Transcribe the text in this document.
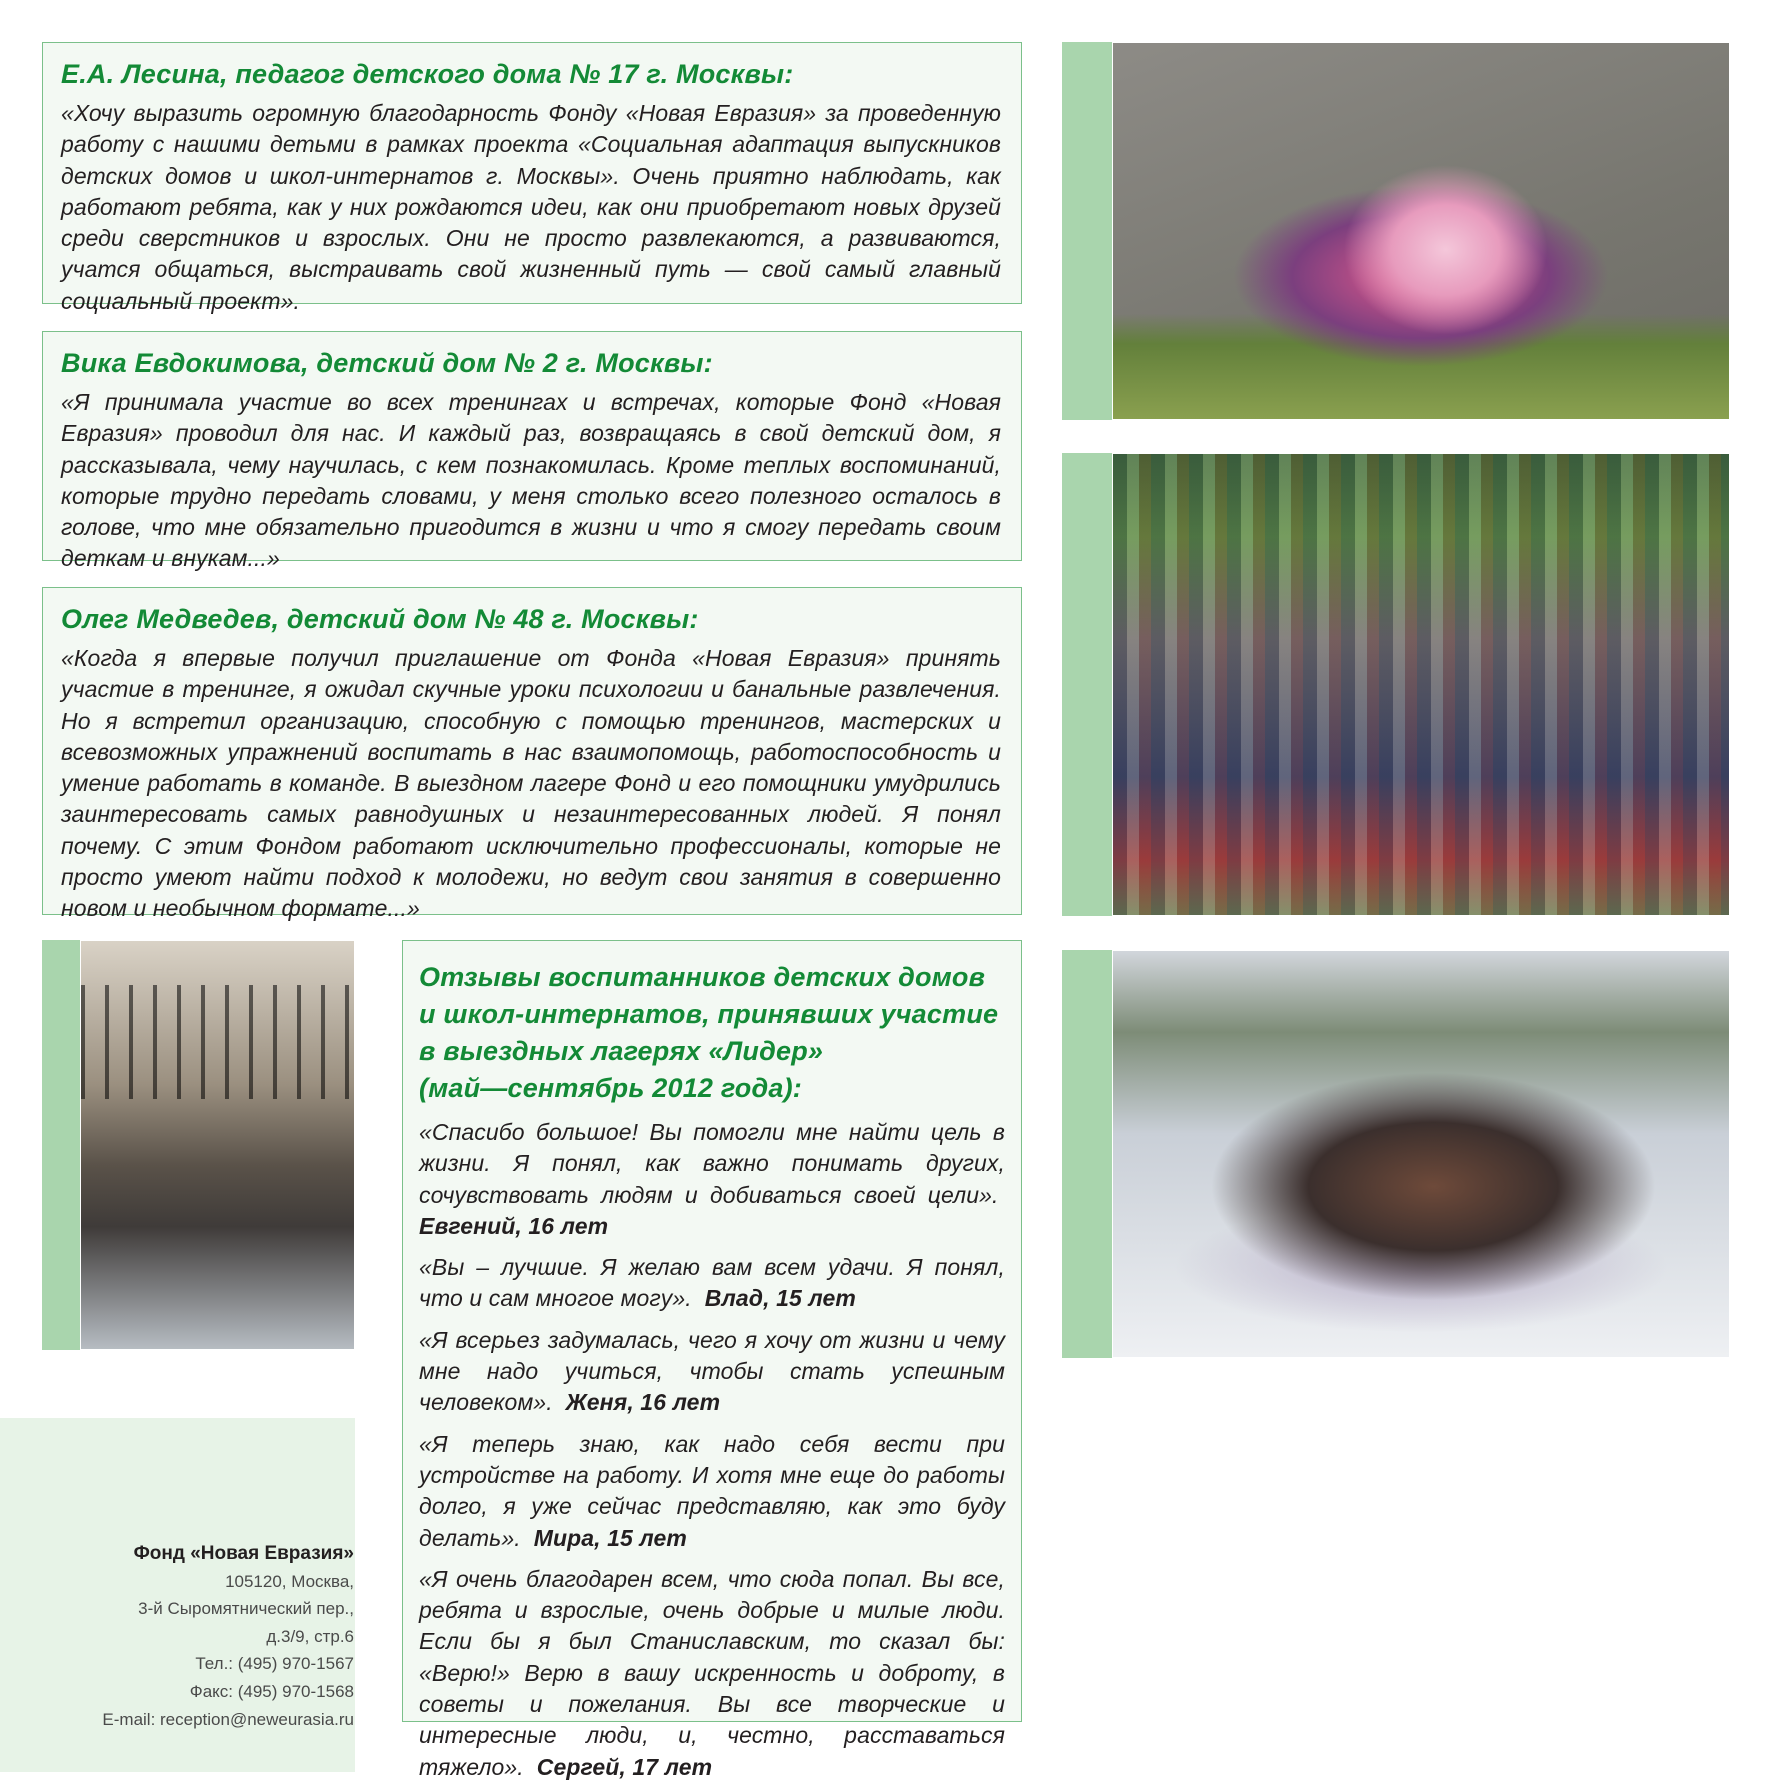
Е.А. Лесина, педагог детского дома № 17 г. Москвы:

«Хочу выразить огромную благодарность Фонду «Новая Евразия» за проведенную работу с нашими детьми в рамках проекта «Социальная адаптация выпускников детских домов и школ-интернатов г. Москвы». Очень приятно наблюдать, как работают ребята, как у них рождаются идеи, как они приобретают новых друзей среди сверстников и взрослых. Они не просто развлекаются, а развиваются, учатся общаться, выстраивать свой жизненный путь — свой самый главный социальный проект».

Вика Евдокимова, детский дом № 2 г. Москвы:

«Я принимала участие во всех тренингах и встречах, которые Фонд «Новая Евразия» проводил для нас. И каждый раз, возвращаясь в свой детский дом, я рассказывала, чему научилась, с кем познакомилась. Кроме теплых воспоминаний, которые трудно передать словами, у меня столько всего полезного осталось в голове, что мне обязательно пригодится в жизни и что я смогу передать своим деткам и внукам...»

Олег Медведев, детский дом № 48 г. Москвы:

«Когда я впервые получил приглашение от Фонда «Новая Евразия» принять участие в тренинге, я ожидал скучные уроки психологии и банальные развлечения. Но я встретил организацию, способную с помощью тренингов, мастерских и всевозможных упражнений воспитать в нас взаимопомощь, работоспособность и умение работать в команде. В выездном лагере Фонд и его помощники умудрились заинтересовать самых равнодушных и незаинтересованных людей. Я понял почему. С этим Фондом работают исключительно профессионалы, которые не просто умеют найти подход к молодежи, но ведут свои занятия в совершенно новом и необычном формате...»

Отзывы воспитанников детских домов
и школ-интернатов, принявших участие
в выездных лагерях «Лидер»
(май—сентябрь 2012 года):

«Спасибо большое! Вы помогли мне найти цель в жизни. Я понял, как важно понимать других, сочувствовать людям и добиваться своей цели».  Евгений, 16 лет

«Вы – лучшие. Я желаю вам всем удачи. Я понял, что и сам многое могу». Влад, 15 лет

«Я всерьез задумалась, чего я хочу от жизни и чему мне надо учиться, чтобы стать успешным человеком». Женя, 16 лет

«Я теперь знаю, как надо себя вести при устройстве на работу. И хотя мне еще до работы долго, я уже сейчас представляю, как это буду делать». Мира, 15 лет

«Я очень благодарен всем, что сюда попал. Вы все, ребята и взрослые, очень добрые и милые люди. Если бы я был Станиславским, то сказал бы: «Верю!» Верю в вашу искренность и доброту, в советы и пожелания. Вы все творческие и интересные люди, и, честно, расставаться тяжело». Сергей, 17 лет

Фонд «Новая Евразия»
105120, Москва,
3-й Сыромятнический пер.,
д.3/9, стр.6
Тел.: (495) 970-1567
Факс: (495) 970-1568
E-mail: reception@neweurasia.ru
